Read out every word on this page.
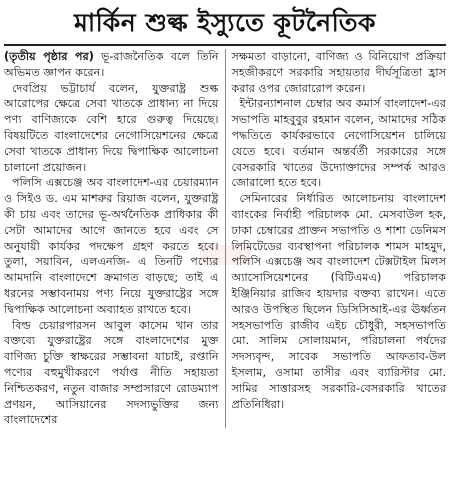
মার্কিন শুল্ক ইস্যুতে কূটনৈতিক

(তৃতীয় পৃষ্ঠার পর) ভূ-রাজনৈতিক বলে তিনি অভিমত জ্ঞাপন করেন।

দেবপ্রিয় ভট্টাচার্য বলেন, যুক্তরাষ্ট্র শুল্ক আরোপের ক্ষেত্রে সেবা খাতকে প্রাধান্য না দিয়ে পণ্য বাণিজ্যকে বেশি হারে গুরুত্ব দিয়েছে। বিষয়টিতে বাংলাদেশের নেগোসিয়েশনের ক্ষেত্রে সেবা খাতকে প্রাধান্য দিয়ে দ্বিপাক্ষিক আলোচনা চালানো প্রয়োজন।

পলিসি এক্সচেঞ্জ অব বাংলাদেশ-এর চেয়ারম্যান ও সিইও ড. এম মাশরুর রিয়াজ বলেন, যুক্তরাষ্ট্র কী চায় এবং তাদের ভূ-অর্থনৈতিক প্রাধিকার কী সেটা আমাদের আগে জানতে হবে এবং সে অনুযায়ী কার্যকর পদক্ষেপ গ্রহণ করতে হবে। তুলা, সয়াবিন, এলএনজি- এ তিনটি পণ্যের আমদানি বাংলাদেশে ক্রমাগত বাড়ছে; তাই এ ধরনের সম্ভাবনাময় পণ্য নিয়ে যুক্তরাষ্ট্রের সঙ্গে দ্বিপাক্ষিক আলোচনা অব্যাহত রাখতে হবে।

বিল্ড চেয়ারপারসন আবুল কাসেম খান তার বক্তব্যে যুক্তরাষ্ট্রের সঙ্গে বাংলাদেশের মুক্ত বাণিজ্য চুক্তি স্বাক্ষরের সম্ভাবনা যাচাই, রপ্তানি পণ্যের বহুমুখীকরণে পর্যাপ্ত নীতি সহায়তা নিশ্চিতকরণ, নতুন বাজার সম্প্রসারণে রোডম্যাপ প্রণয়ন, আসিয়ানের সদস্যভুক্তির জন্য বাংলাদেশের

সক্ষমতা বাড়ানো, বাণিজ্য ও বিনিয়োগ প্রক্রিয়া সহজীকরণে সরকারি সহায়তার দীর্ঘসূত্রিতা হ্রাস করার ওপর জোরারোপ করেন।

ইন্টারন্যাশনাল চেম্বার অব কমার্স বাংলাদেশ-এর সভাপতি মাহবুবুর রহমান বলেন, আমাদের সঠিক পদ্ধতিতে কার্যকরভাবে নেগোসিয়েশন চালিয়ে যেতে হবে। বর্তমান অন্তর্বর্তী সরকারের সঙ্গে বেসরকারি খাতের উদ্যোক্তাদের সম্পর্ক আরও জোরালো হতে হবে।

সেমিনারের নির্ধারিত আলোচনায় বাংলাদেশ ব্যাংকের নির্বাহী পরিচালক মো. মেসবাউল হক, ঢাকা চেম্বারের প্রাক্তন সভাপতি ও শাশা ডেনিমস লিমিটেডের ব্যবস্থাপনা পরিচালক শামস মাহমুদ, পলিসি এক্সচেঞ্জ অব বাংলাদেশ টেক্সটাইল মিলস অ্যাসোসিয়েশনের (বিটিএমএ) পরিচালক ইঞ্জিনিয়ার রাজিব হায়দার বক্তব্য রাখেন। এতে আরও উপস্থিত ছিলেন ডিসিসিআই-এর ঊর্ধ্বতন সহসভাপতি রাজীব এইচ চৌধুরী, সহসভাপতি মো. সালিম সোলায়মান, পরিচালনা পর্ষদের সদস্যবৃন্দ, সাবেক সভাপতি আফতাব-উল ইসলাম, ওসামা তাসীর এবং ব্যারিস্টার মো. সামির সাত্তারসহ সরকারি-বেসরকারি খাতের প্রতিনিধিরা।
